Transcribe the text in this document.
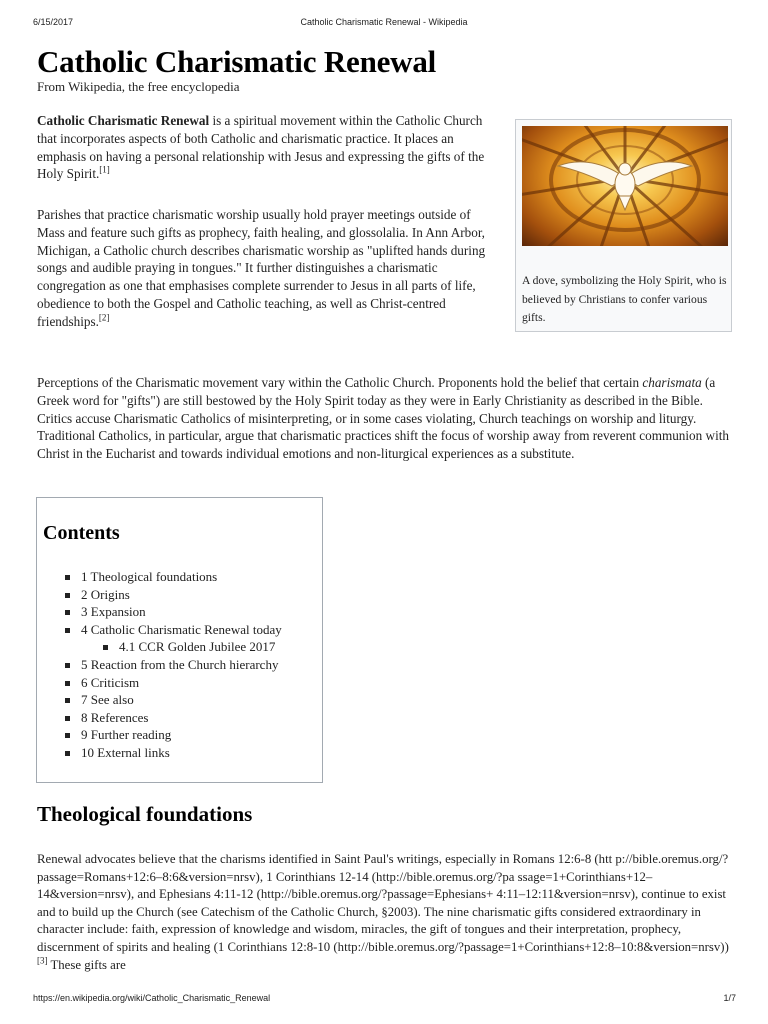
6/15/2017	Catholic Charismatic Renewal - Wikipedia
Catholic Charismatic Renewal
From Wikipedia, the free encyclopedia

Catholic Charismatic Renewal is a spiritual movement within the Catholic Church that incorporates aspects of both Catholic and charismatic practice. It places an emphasis on having a personal relationship with Jesus and expressing the gifts of the Holy Spirit.[1]

Parishes that practice charismatic worship usually hold prayer meetings outside of Mass and feature such gifts as prophecy, faith healing, and glossolalia. In Ann Arbor, Michigan, a Catholic church describes charismatic worship as "uplifted hands during songs and audible praying in tongues." It further distinguishes a charismatic congregation as one that emphasises complete surrender to Jesus in all parts of life, obedience to both the Gospel and Catholic teaching, as well as Christ-centred friendships.[2]

A dove, symbolizing the Holy Spirit, who is believed by Christians to confer various gifts.

Perceptions of the Charismatic movement vary within the Catholic Church. Proponents hold the belief that certain charismata (a Greek word for "gifts") are still bestowed by the Holy Spirit today as they were in Early Christianity as described in the Bible. Critics accuse Charismatic Catholics of misinterpreting, or in some cases violating, Church teachings on worship and liturgy. Traditional Catholics, in particular, argue that charismatic practices shift the focus of worship away from reverent communion with Christ in the Eucharist and towards individual emotions and non-liturgical experiences as a substitute.

Contents
1 Theological foundations
2 Origins
3 Expansion
4 Catholic Charismatic Renewal today
4.1 CCR Golden Jubilee 2017
5 Reaction from the Church hierarchy
6 Criticism
7 See also
8 References
9 Further reading
10 External links
Theological foundations

Renewal advocates believe that the charisms identified in Saint Paul's writings, especially in Romans 12:6-8 (htt p://bible.oremus.org/?passage=Romans+12:6–8:6&version=nrsv), 1 Corinthians 12-14 (http://bible.oremus.org/?pa ssage=1+Corinthians+12–14&version=nrsv), and Ephesians 4:11-12 (http://bible.oremus.org/?passage=Ephesians+ 4:11–12:11&version=nrsv), continue to exist and to build up the Church (see Catechism of the Catholic Church, §2003). The nine charismatic gifts considered extraordinary in character include: faith, expression of knowledge and wisdom, miracles, the gift of tongues and their interpretation, prophecy, discernment of spirits and healing (1 Corinthians 12:8-10 (http://bible.oremus.org/?passage=1+Corinthians+12:8–10:8&version=nrsv))[3] These gifts are

https://en.wikipedia.org/wiki/Catholic_Charismatic_Renewal	1/7
